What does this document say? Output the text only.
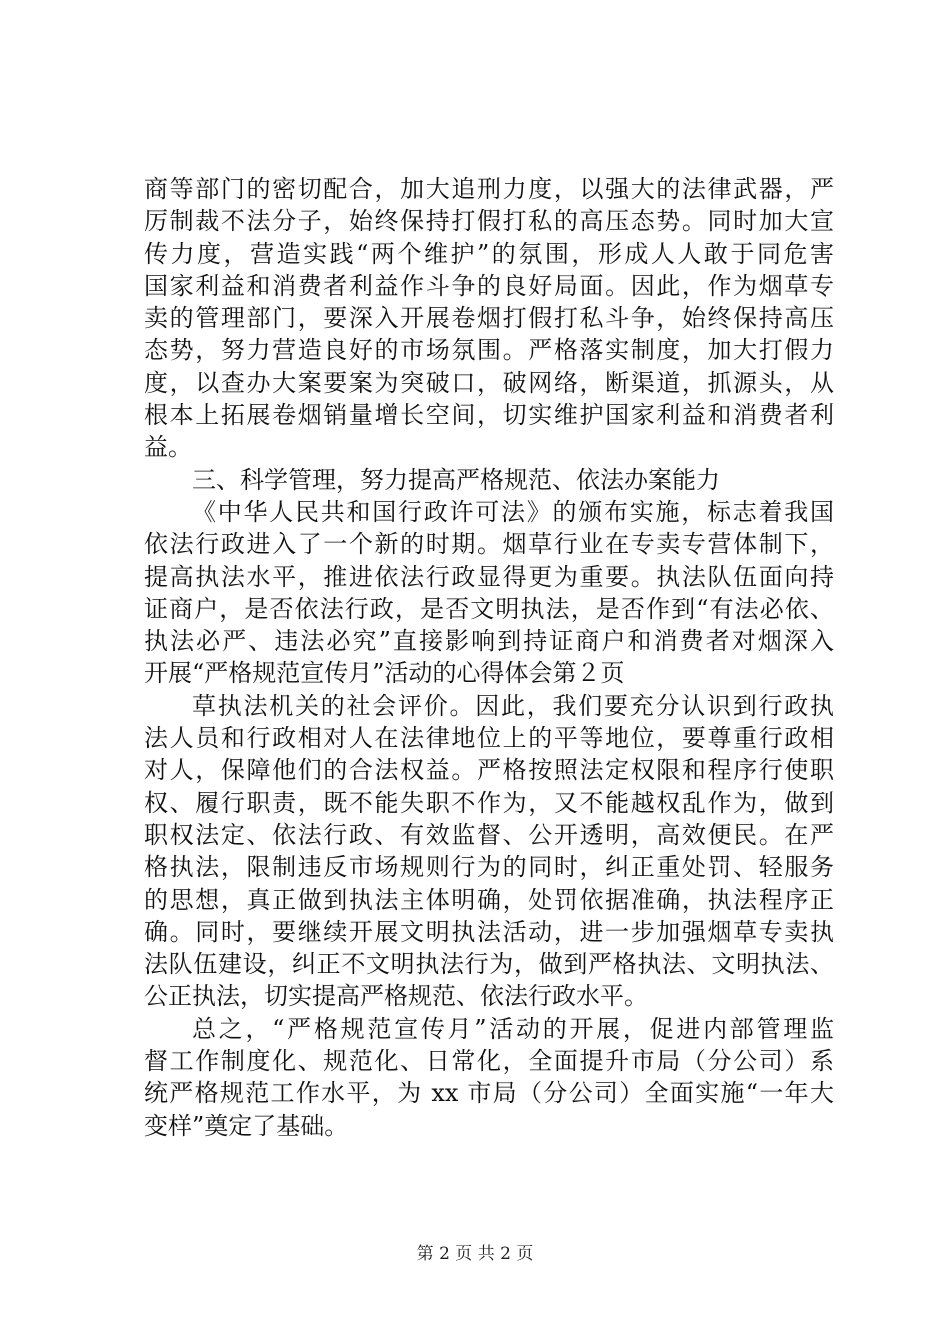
商等部门的密切配合，加大追刑力度，以强大的法律武器，严
厉制裁不法分子，始终保持打假打私的高压态势。同时加大宣
传力度，营造实践“两个维护”的氛围，形成人人敢于同危害
国家利益和消费者利益作斗争的良好局面。因此，作为烟草专
卖的管理部门，要深入开展卷烟打假打私斗争，始终保持高压
态势，努力营造良好的市场氛围。严格落实制度，加大打假力
度，以查办大案要案为突破口，破网络，断渠道，抓源头，从
根本上拓展卷烟销量增长空间，切实维护国家利益和消费者利
益。
三、科学管理，努力提高严格规范、依法办案能力
《中华人民共和国行政许可法》的颁布实施，标志着我国
依法行政进入了一个新的时期。烟草行业在专卖专营体制下，
提高执法水平，推进依法行政显得更为重要。执法队伍面向持
证商户，是否依法行政，是否文明执法，是否作到“有法必依、
执法必严、违法必究”直接影响到持证商户和消费者对烟深入
开展“严格规范宣传月”活动的心得体会第２页
草执法机关的社会评价。因此，我们要充分认识到行政执
法人员和行政相对人在法律地位上的平等地位，要尊重行政相
对人，保障他们的合法权益。严格按照法定权限和程序行使职
权、履行职责，既不能失职不作为，又不能越权乱作为，做到
职权法定、依法行政、有效监督、公开透明，高效便民。在严
格执法，限制违反市场规则行为的同时，纠正重处罚、轻服务
的思想，真正做到执法主体明确，处罚依据准确，执法程序正
确。同时，要继续开展文明执法活动，进一步加强烟草专卖执
法队伍建设，纠正不文明执法行为，做到严格执法、文明执法、
公正执法，切实提高严格规范、依法行政水平。
总之，“严格规范宣传月”活动的开展，促进内部管理监
督工作制度化、规范化、日常化，全面提升市局（分公司）系
统严格规范工作水平，为 xx 市局（分公司）全面实施“一年大
变样”奠定了基础。
第 2 页 共 2 页
